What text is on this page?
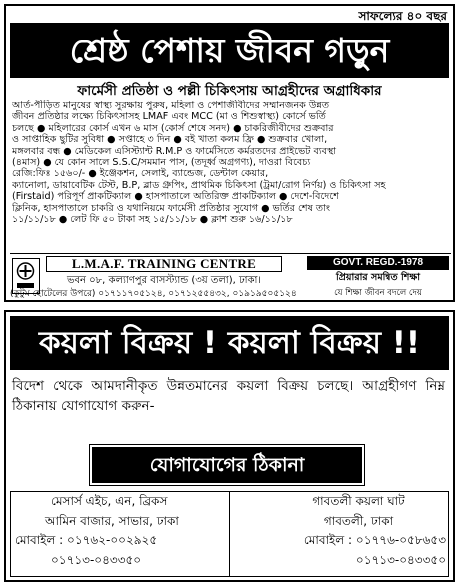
সাফল্যের ৪০ বছর
শ্রেষ্ঠ পেশায় জীবন গড়ুন
ফার্মেসী প্রতিষ্ঠা ও পল্লী চিকিৎসায় আগ্রহীদের অগ্রাধিকার
আর্ত-পীড়িত মানুষের স্বাস্থ্য সুরক্ষায় পুরুষ, মহিলা ও পেশাজীবীদের সম্মানজনক উন্নত
জীবন প্রতিষ্ঠার লক্ষ্যে চিকিৎসাসহ LMAF এবং MCC (মা ও শিশুস্বাস্থ্য) কোর্সে ভর্তি
চলছে ● মহিলারের কোর্স এখন ৬ মাস (কোর্স শেষে সনদ) ● চাকরিজীবীদের শুক্রবার
ও সাপ্তাহিক ছুটির সুবিধা ● সপ্তাহে ৩ দিন ● বই খাতা কলম ফ্রি ● শুক্রবার খোলা,
মঙ্গলবার বন্ধ ● মেডিকেল এসিস্ট্যান্ট R.M.P ও ফার্মেসিতে কর্মরতদের প্রাইভেট ব্যবস্থা
(৪মাস) ● যে কোন সালে S.S.C/সমমান পাস, (তদূর্ধ্ব অগ্রগণ্য), দাওরা বিবেচ্য
রেজি:ফিঃ ১৫৬০/- ● ইঞ্জেকশন, সেলাই, ব্যান্ডেজ, ডেন্টাল কেয়ার,
ক্যানোলা, ডায়াবেটিক টেস্ট, B.P, ব্লাড গ্রুপিং, প্রাথমিক চিকিৎসা (ট্রমা/রোগ নির্ণয়) ও চিকিৎসা সহ
(Firstaid) পরিপূর্ণ প্রাকটিক্যাল ● হাসপাতালে অতিরিক্ত প্রাকটিক্যাল ● দেশে-বিদেশে
ক্লিনিক, হাসপাতালে চাকরি ও যথানিয়মে ফার্মেসী প্রতিষ্ঠার সুযোগ ● ভর্তির শেষ তাং
১১/১১/১৮ ● লেট ফি ৫০ টাকা সহ ১৫/১১/১৮ ● ক্লাশ শুরু ১৬/১১/১৮
L.M.A.F. TRAINING CENTRE
ভবন ০৮, কল্যাণপুর বাসস্ট্যান্ড (৩য় তলা), ঢাকা।
(কুটুম হোটেলের উপরে) ০১৭১১৭০৫১২৪, ০১৭১২৫৫৪৩২, ০১৯১৯৫০৫১২৪
GOVT. REGD.-1978
প্রিয়ারার সমন্বিত শিক্ষা
যে শিক্ষা জীবন বদলে দেয়
কয়লা বিক্রয় ! কয়লা বিক্রয় !!
বিদেশ থেকে আমদানীকৃত উন্নতমানের কয়লা বিক্রয় চলছে। আগ্রহীগণ নিম্ন ঠিকানায় যোগাযোগ করুন-
যোগাযোগের ঠিকানা
মেসার্স এইচ, এন, ব্রিকস
আমিন বাজার, সাভার, ঢাকা
মোবাইল : ০১৭৬২-০০২৯২৫
০১৭১৩-০৪৩৩৫০
গাবতলী কয়লা ঘাট
গাবতলী, ঢাকা
মোবাইল : ০১৭৭৬-০৫৮৬৫৩
০১৭১৩-০৪৩৩৫০
